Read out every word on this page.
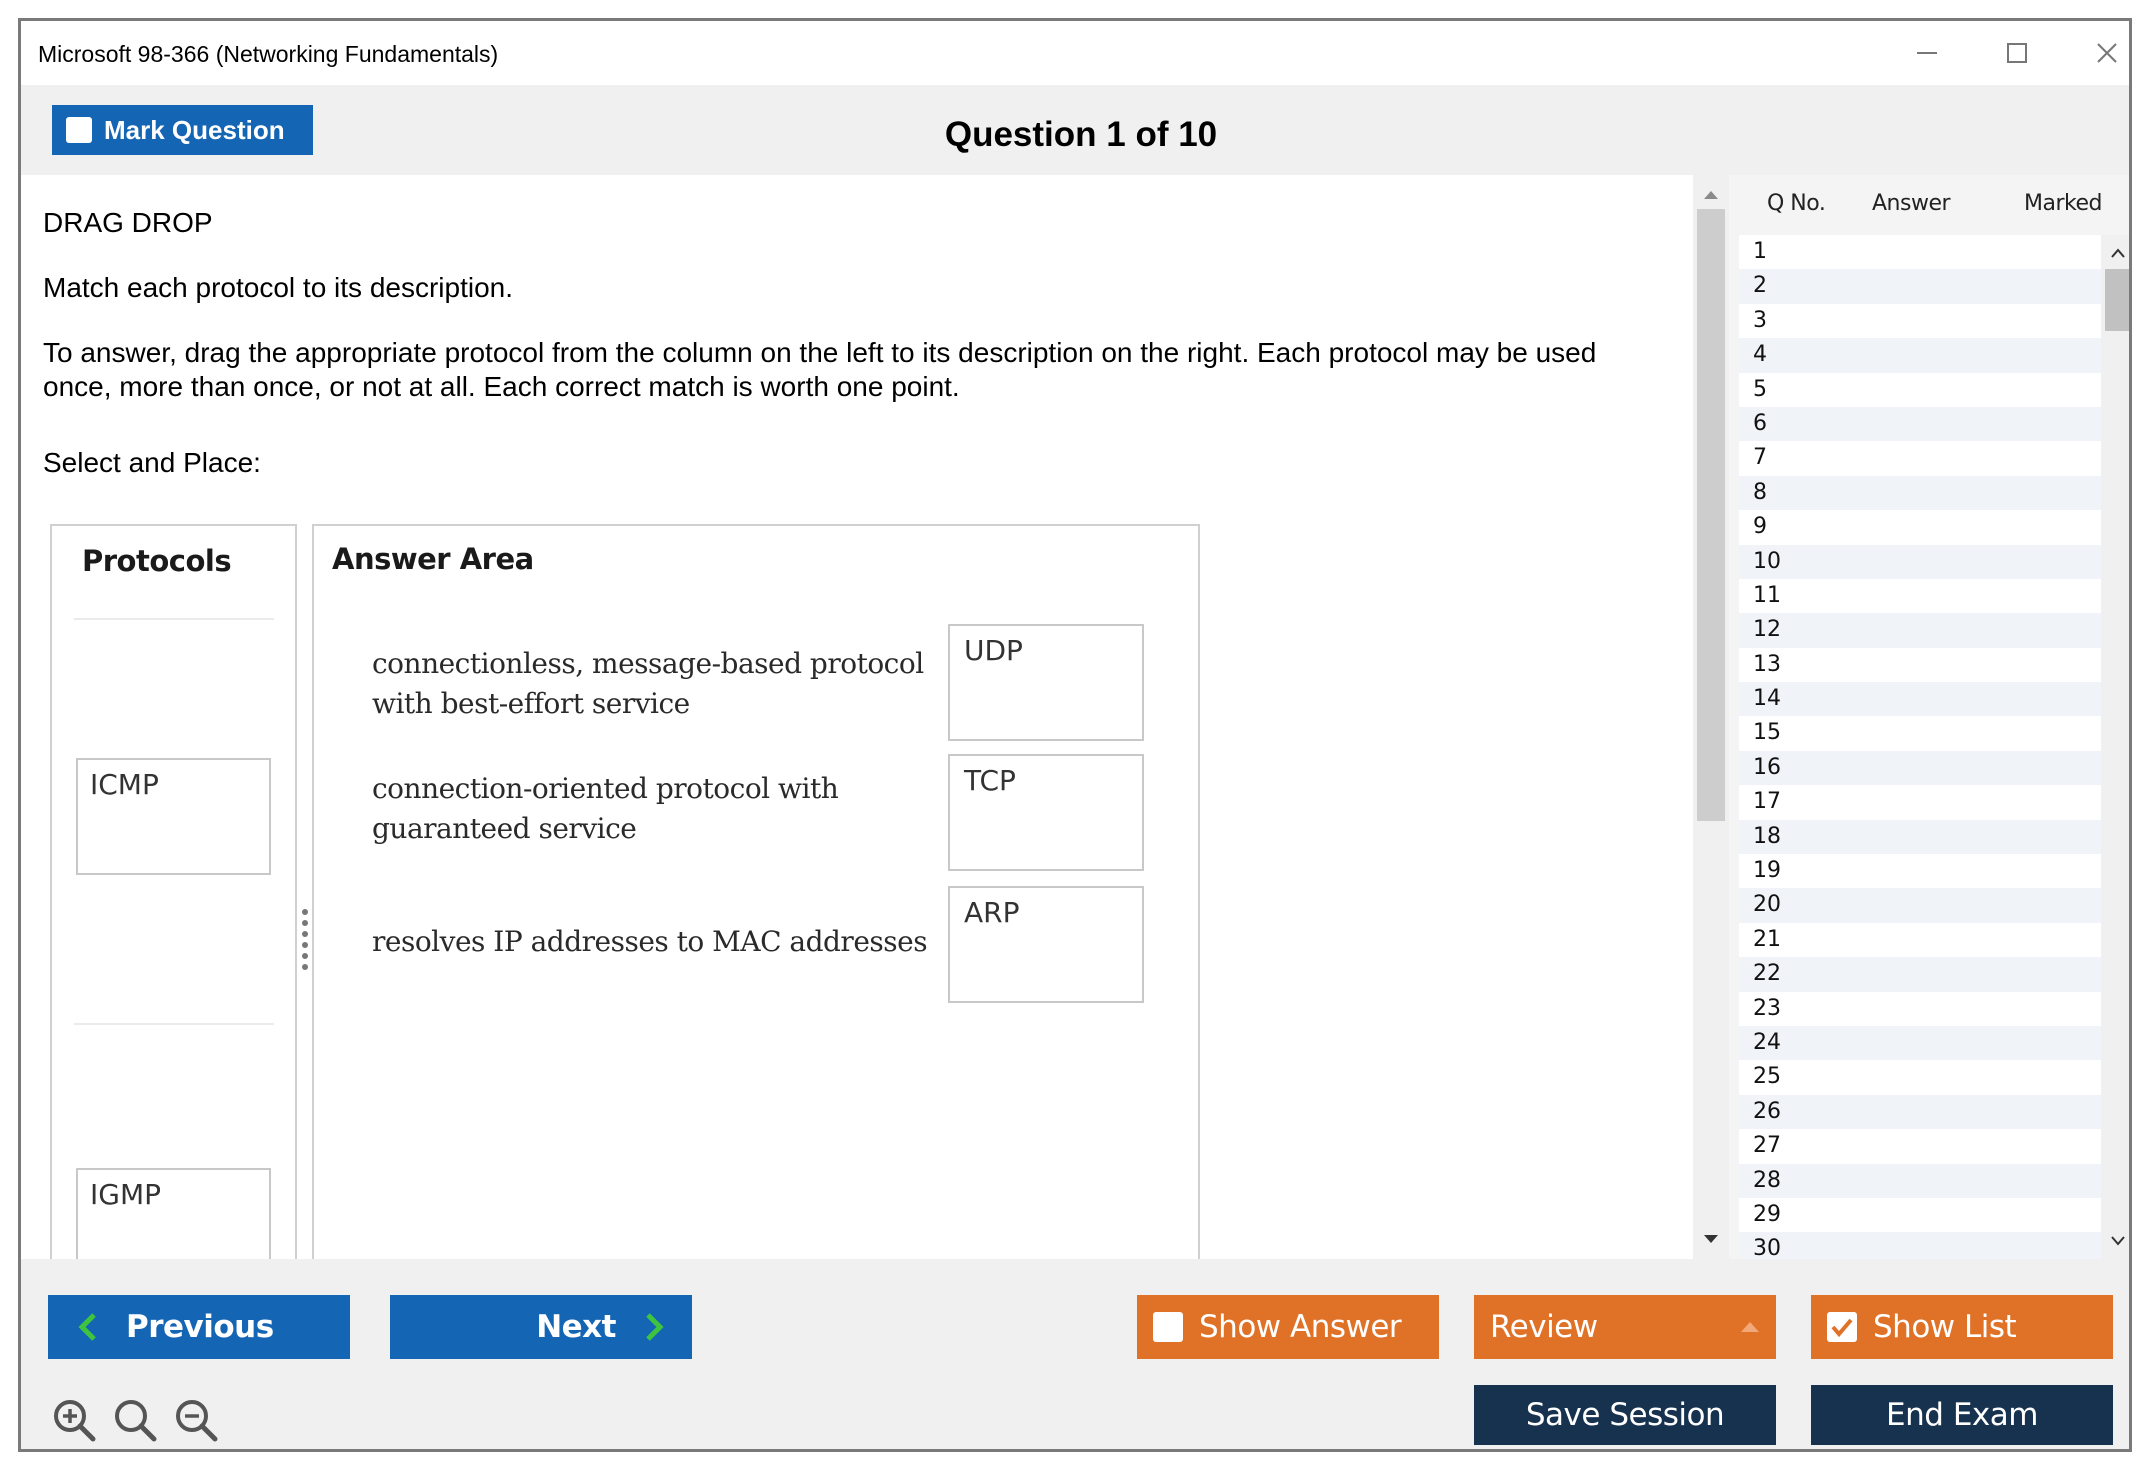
Microsoft 98-366 (Networking Fundamentals)
Mark Question	Question 1 of 10
DRAG DROP
Match each protocol to its description.
To answer, drag the appropriate protocol from the column on the left to its description on the right. Each protocol may be used once, more than once, or not at all. Each correct match is worth one point.
Select and Place:
Protocols
ICMP
IGMP
Answer Area
connectionless, message-based protocol
with best-effort service
UDP
connection-oriented protocol with
guaranteed service
TCP
resolves IP addresses to MAC addresses
ARP
Q No. Answer	Marked
1
2
3
4
5
6
7
8
9
10
11
12
13
14
15
16
17
18
19
20
21
22
23
24
25
26
27
28
29
30
Previous	Next	Show Answer	Review	Show List
Save Session	End Exam
